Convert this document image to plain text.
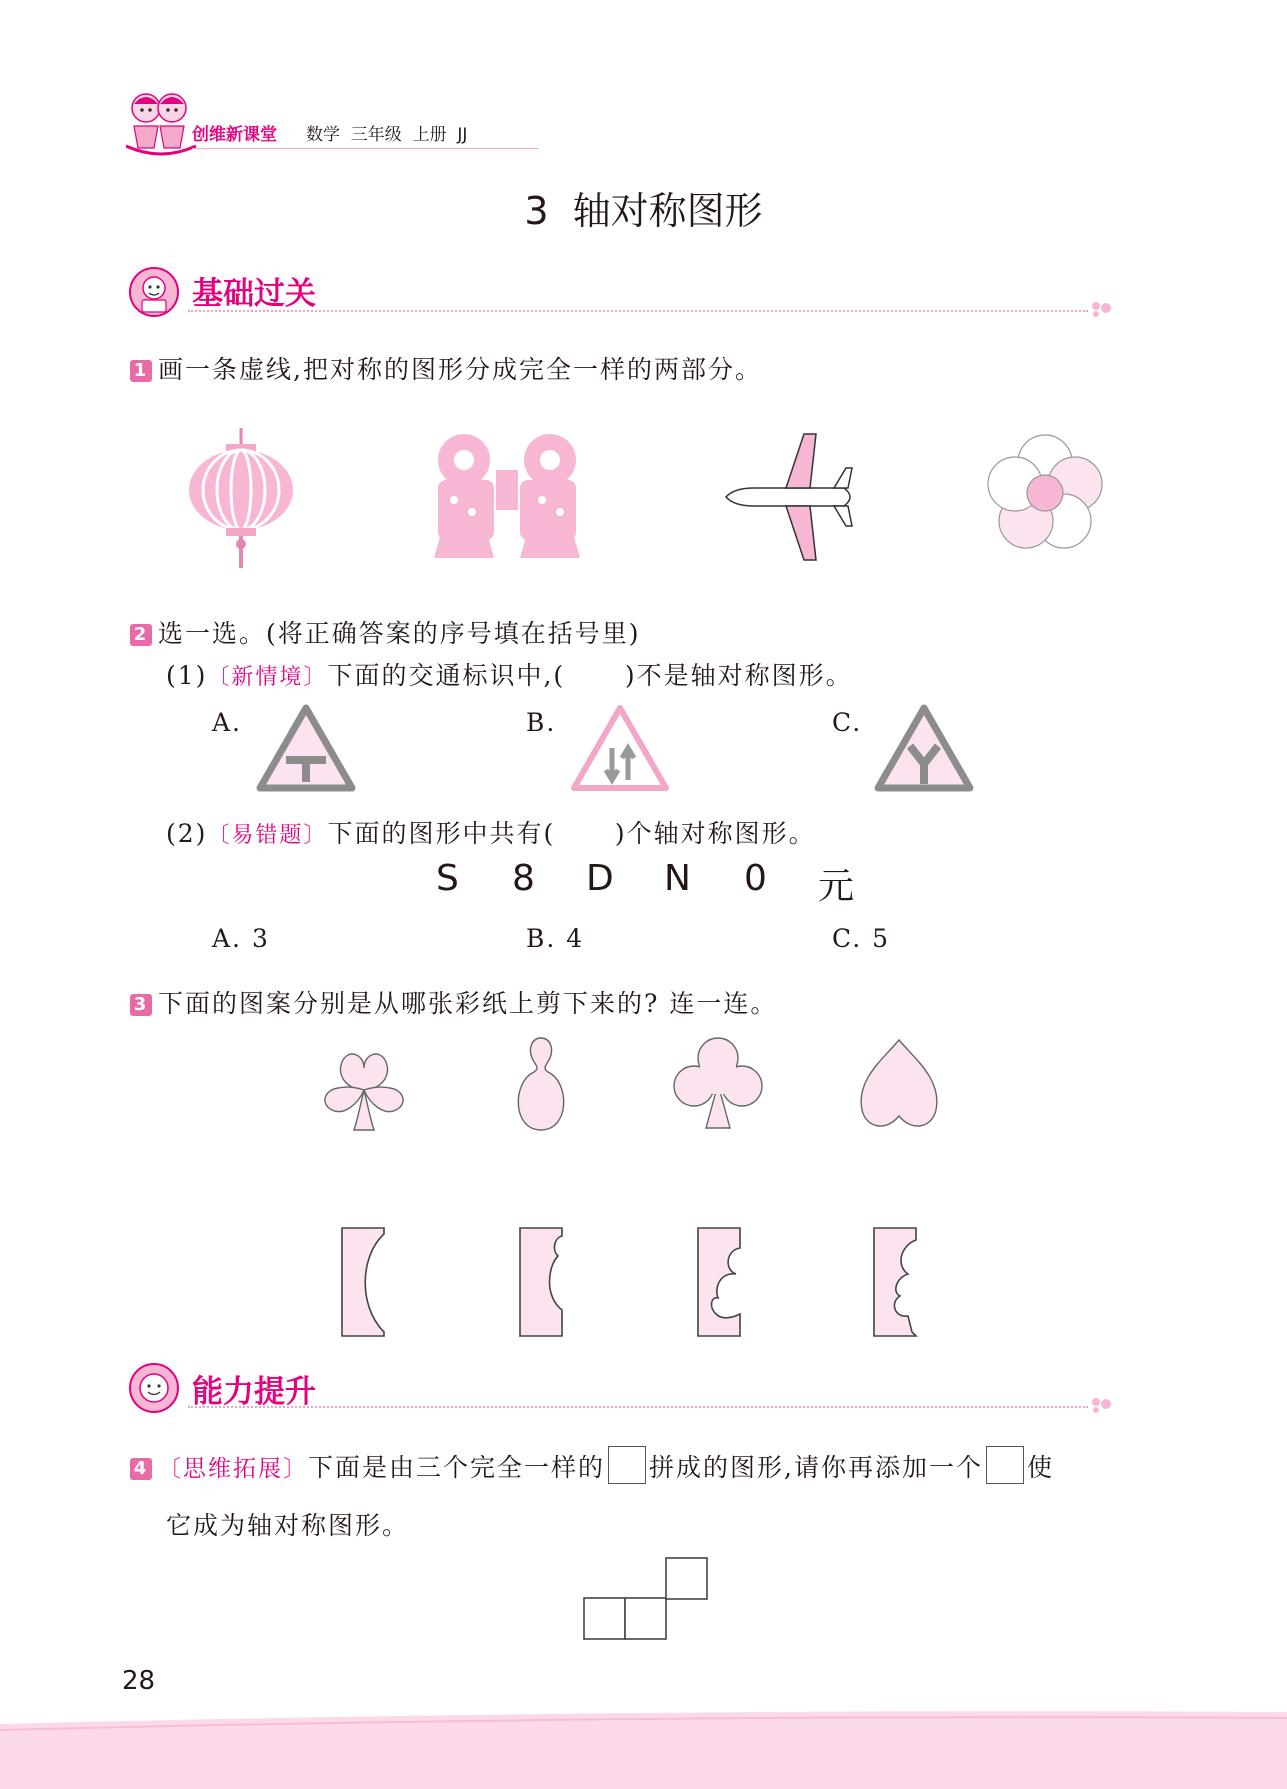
创维新课堂 数学  三年级  上册  JJ
3  轴对称图形
基础过关
1 画一条虚线,把对称的图形分成完全一样的两部分。
2 选一选。(将正确答案的序号填在括号里)
(1)〔新情境〕下面的交通标识中,(      )不是轴对称图形。
A.	B.	C.
(2)〔易错题〕下面的图形中共有(      )个轴对称图形。
S 8 D N 0 元
A. 3	B. 4	C. 5
3 下面的图案分别是从哪张彩纸上剪下来的? 连一连。
能力提升
4 〔思维拓展〕下面是由三个完全一样的 拼成的图形,请你再添加一个 使
它成为轴对称图形。
28
